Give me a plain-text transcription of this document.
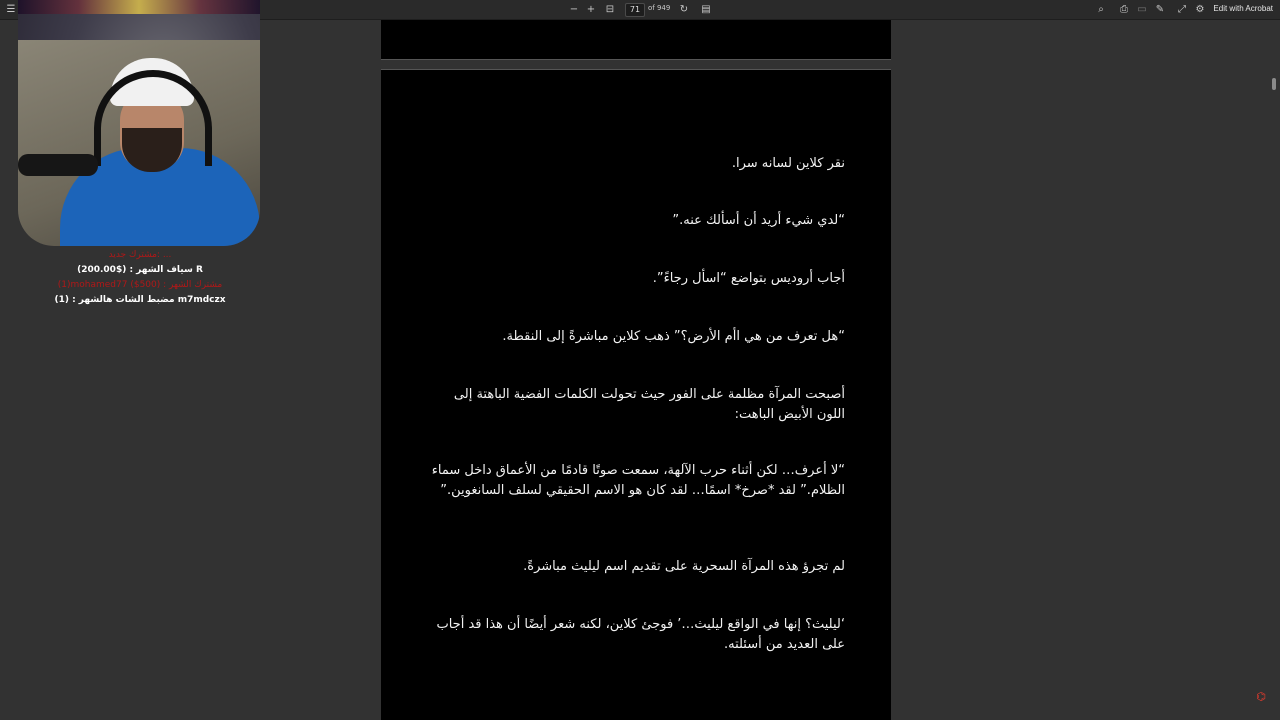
☰	− + ⊟	71	of 949 ↻ ▤	⌕	⎙ ▭ ✎	⤢ ⚙	Edit with Acrobat

نقر كلاين لسانه سرا.

“لدي شيء أريد أن أسألك عنه.”

أجاب أروديس بتواضع “اسأل رجاءً”.

“هل تعرف من هي اأم الأرض؟” ذهب كلاين مباشرةً إلى النقطة.

أصبحت المرآة مظلمة على الفور حيث تحولت الكلمات الفضية الباهتة إلى اللون الأبيض الباهت:

“لا أعرف… لكن أثناء حرب الآلهة، سمعت صوتًا قادمًا من الأعماق داخل سماء الظلام.” لقد *صرخ* اسمًا… لقد كان هو الاسم الحقيقي لسلف السانغوين.”

لم تجرؤ هذه المرآة السحرية على تقديم اسم ليليث مباشرةً.

‘ليليث؟ إنها في الواقع ليليث…’ فوجئ كلاين، لكنه شعر أيضًا أن هذا قد أجاب على العديد من أسئلته.

مشترك جديد: ...
سياف الشهر : ($200.00) R
(1)mohamed77 ($500) : مشترك الشهر
مضبط الشات هالشهر : (1) m7mdczx
⌬
